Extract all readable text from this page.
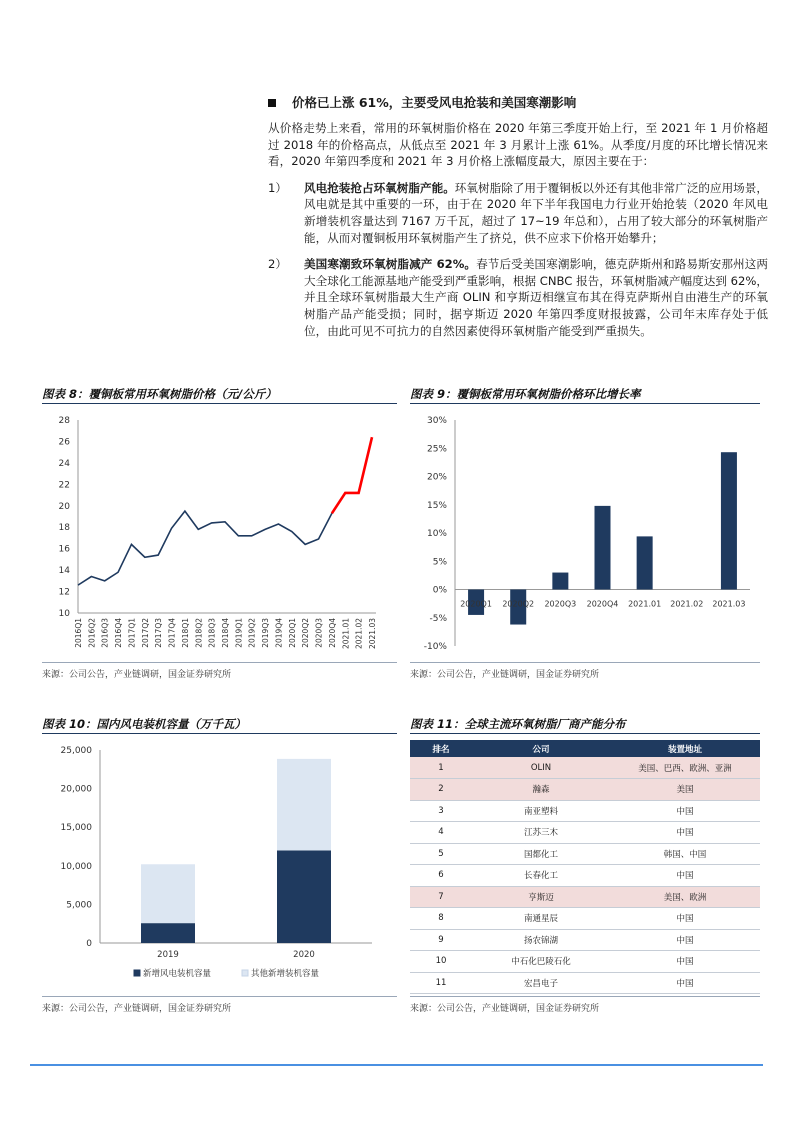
价格已上涨 61%，主要受风电抢装和美国寒潮影响

从价格走势上来看，常用的环氧树脂价格在 2020 年第三季度开始上行，至 2021 年 1 月价格超过 2018 年的价格高点，从低点至 2021 年 3 月累计上涨 61%。从季度/月度的环比增长情况来看，2020 年第四季度和 2021 年 3 月价格上涨幅度最大，原因主要在于：

1）	风电抢装抢占环氧树脂产能。环氧树脂除了用于覆铜板以外还有其他非常广泛的应用场景，风电就是其中重要的一环，由于在 2020 年下半年我国电力行业开始抢装（2020 年风电新增装机容量达到 7167 万千瓦，超过了 17~19 年总和），占用了较大部分的环氧树脂产能，从而对覆铜板用环氧树脂产生了挤兑，供不应求下价格开始攀升；

2）	美国寒潮致环氧树脂减产 62%。春节后受美国寒潮影响，德克萨斯州和路易斯安那州这两大全球化工能源基地产能受到严重影响，根据 CNBC 报告，环氧树脂减产幅度达到 62%，并且全球环氧树脂最大生产商 OLIN 和亨斯迈相继宣布其在得克萨斯州自由港生产的环氧树脂产品产能受损；同时，据亨斯迈 2020 年第四季度财报披露，公司年末库存处于低位，由此可见不可抗力的自然因素使得环氧树脂产能受到严重损失。

图表 8：覆铜板常用环氧树脂价格（元/公斤）
10
12
14
16
18
20
22
24
26
28
2016Q1 2016Q2 2016Q3 2016Q4 2017Q1 2017Q2 2017Q3 2017Q4 2018Q1 2018Q2 2018Q3 2018Q4 2019Q1 2019Q2 2019Q3 2019Q4 2020Q1 2020Q2 2020Q3 2020Q4 2021.01 2021.02 2021.03
来源：公司公告，产业链调研，国金证券研究所
图表 9：覆铜板常用环氧树脂价格环比增长率
-10%
-5%
0%
5%
10%
15%
20%
25%
30%
2020Q1 2020Q2 2020Q3 2020Q4 2021.01 2021.02 2021.03
来源：公司公告，产业链调研，国金证券研究所
图表 10：国内风电装机容量（万千瓦）
0
5,000
10,000
15,000
20,000
25,000
2019	2020
新增风电装机容量	其他新增装机容量
来源：公司公告，产业链调研，国金证券研究所
图表 11：全球主流环氧树脂厂商产能分布
排名	公司	装置地址
1	OLIN	美国、巴西、欧洲、亚洲
2	瀚森	美国
3	南亚塑料	中国
4	江苏三木	中国
5	国都化工	韩国、中国
6	长春化工	中国
7	亨斯迈	美国、欧洲
8	南通星辰	中国
9	扬农锦湖	中国
10	中石化巴陵石化	中国
11	宏昌电子	中国
来源：公司公告，产业链调研，国金证券研究所
